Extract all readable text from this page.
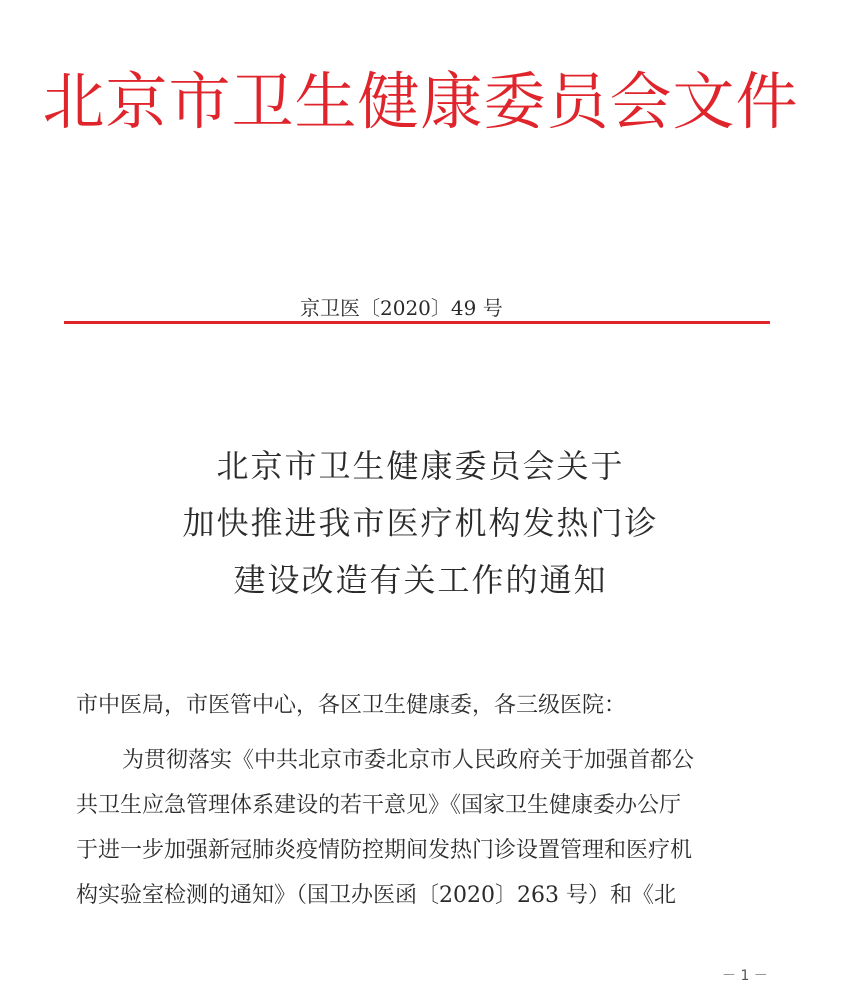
北京市卫生健康委员会文件
京卫医〔2020〕49 号
北京市卫生健康委员会关于
加快推进我市医疗机构发热门诊
建设改造有关工作的通知
市中医局，市医管中心，各区卫生健康委，各三级医院：
为贯彻落实《中共北京市委北京市人民政府关于加强首都公
共卫生应急管理体系建设的若干意见》《国家卫生健康委办公厅
于进一步加强新冠肺炎疫情防控期间发热门诊设置管理和医疗机
构实验室检测的通知》（国卫办医函〔2020〕263 号）和《北
－ 1 －
